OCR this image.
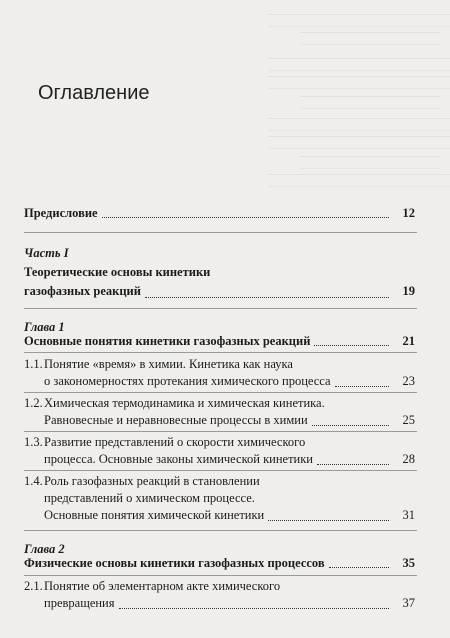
Оглавление
Предисловие	12
Часть I
Теоретические основы кинетики
газофазных реакций	19
Глава 1
Основные понятия кинетики газофазных реакций	21
1.1. Понятие «время» в химии. Кинетика как наука
о закономерностях протекания химического процесса	23
1.2. Химическая термодинамика и химическая кинетика.
Равновесные и неравновесные процессы в химии	25
1.3. Развитие представлений о скорости химического
процесса. Основные законы химической кинетики	28
1.4. Роль газофазных реакций в становлении
представлений о химическом процессе.
Основные понятия химической кинетики	31
Глава 2
Физические основы кинетики газофазных процессов	35
2.1. Понятие об элементарном акте химического
превращения	37
